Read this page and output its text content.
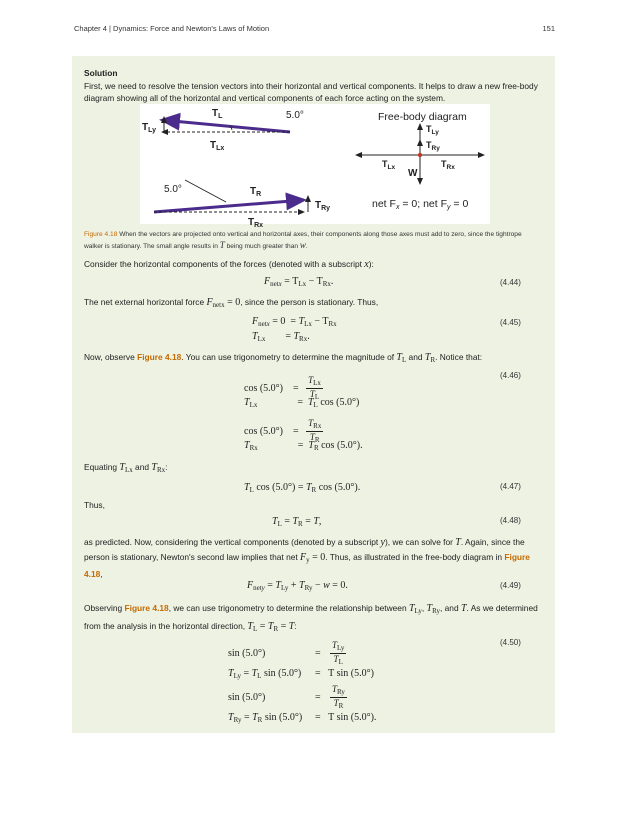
Chapter 4 | Dynamics: Force and Newton's Laws of Motion	151
Solution
First, we need to resolve the tension vectors into their horizontal and vertical components. It helps to draw a new free-body diagram showing all of the horizontal and vertical components of each force acting on the system.
$T_L$	5.0°
$T_{Ly}$
$T_{Lx}$
5.0°	$T_R$
$T_{Ry}$
$T_{Rx}$
Free-body diagram
$T_{Ly}$
$T_{Ry}$
$T_{Lx}$	$T_{Rx}$
W
net Fx = 0; net Fy = 0
Figure 4.18 When the vectors are projected onto vertical and horizontal axes, their components along those axes must add to zero, since the tightrope walker is stationary. The small angle results in T being much greater than w.
Consider the horizontal components of the forces (denoted with a subscript x):
$F_{netx} = T_{Lx} - T_{Rx}$.	(4.44)
The net external horizontal force $F_{netx} = 0$, since the person is stationary. Thus,
$F_{netx} = 0 = T_{Lx} - T_{Rx}$
$T_{Lx}$        = $T_{Rx}$.
(4.45)
Now, observe Figure 4.18. You can use trigonometry to determine the magnitude of $T_L$ and $T_R$. Notice that:
$\cos (5.0^\circ) = \frac{T_{Lx}}{T_L}$
$T_{Lx}$	= $T_L$ cos (5.0°)
$\cos (5.0^\circ) = \frac{T_{Rx}}{T_R}$
$T_{Rx}$	= $T_R$ cos (5.0°).
(4.46)
Equating $T_{Lx}$ and $T_{Rx}$:
$T_L$ $\cos (5.0^\circ) = T_R$ cos (5.0°).	(4.47)
Thus,
$T_L = T_R = T$,	(4.48)
as predicted. Now, considering the vertical components (denoted by a subscript y), we can solve for T. Again, since the person is stationary, Newton's second law implies that net $F_y = 0$. Thus, as illustrated in the free-body diagram in Figure 4.18,
$F_{nety} = T_{Ly} + T_{Ry} - w = 0$.	(4.49)
Observing Figure 4.18, we can use trigonometry to determine the relationship between $T_{Ly}$, $T_{Ry}$, and T. As we determined from the analysis in the horizontal direction, $T_L = T_R = T$:
sin (5.0°)	= $\frac{T_{Ly}}{T_L}$
$T_{Ly} = T_L$ sin (5.0°) = T sin (5.0°)
sin (5.0°)	= $\frac{T_{Ry}}{T_R}$
$T_{Ry} = T_R$ sin (5.0°) = T sin (5.0°).
(4.50)
